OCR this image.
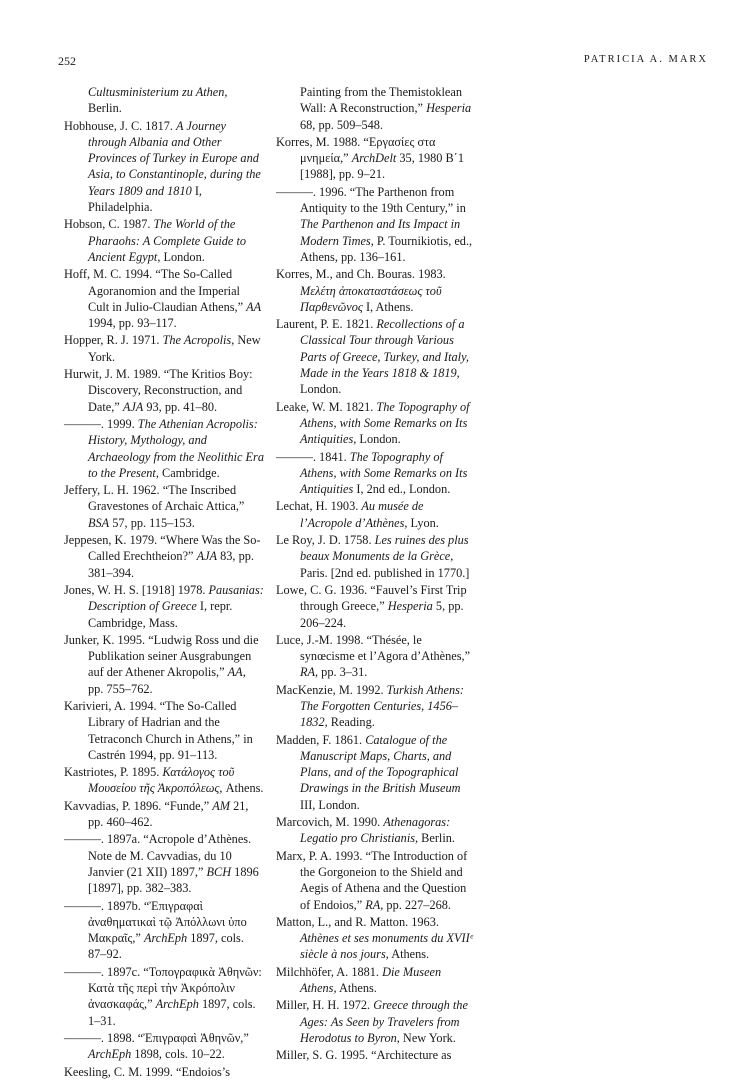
252	PATRICIA A. MARX

Cultusministerium zu Athen, Berlin.

Hobhouse, J. C. 1817. A Journey through Albania and Other Provinces of Turkey in Europe and Asia, to Constantinople, during the Years 1809 and 1810 I, Philadelphia.

Hobson, C. 1987. The World of the Pharaohs: A Complete Guide to Ancient Egypt, London.

Hoff, M. C. 1994. “The So-Called Agoranomion and the Imperial Cult in Julio-Claudian Athens,” AA 1994, pp. 93–117.

Hopper, R. J. 1971. The Acropolis, New York.

Hurwit, J. M. 1989. “The Kritios Boy: Discovery, Reconstruction, and Date,” AJA 93, pp. 41–80.

———. 1999. The Athenian Acropolis: History, Mythology, and Archaeology from the Neolithic Era to the Present, Cambridge.

Jeffery, L. H. 1962. “The Inscribed Gravestones of Archaic Attica,” BSA 57, pp. 115–153.

Jeppesen, K. 1979. “Where Was the So-Called Erechtheion?” AJA 83, pp. 381–394.

Jones, W. H. S. [1918] 1978. Pausanias: Description of Greece I, repr. Cambridge, Mass.

Junker, K. 1995. “Ludwig Ross und die Publikation seiner Ausgrabungen auf der Athener Akropolis,” AA, pp. 755–762.

Karivieri, A. 1994. “The So-Called Library of Hadrian and the Tetraconch Church in Athens,” in Castrén 1994, pp. 91–113.

Kastriotes, P. 1895. Κατάλογος τοῦ Μουσείου τῆς Ἀκροπόλεως, Athens.

Kavvadias, P. 1896. “Funde,” AM 21, pp. 460–462.

———. 1897a. “Acropole d’Athènes. Note de M. Cavvadias, du 10 Janvier (21 XII) 1897,” BCH 1896 [1897], pp. 382–383.

———. 1897b. “Ἐπιγραφαὶ ἀναθηματικαὶ τῷ Ἀπόλλωνι ὑπο Μακραῖς,” ArchEph 1897, cols. 87–92.

———. 1897c. “Τοπογραφικὰ Ἀθηνῶν: Κατὰ τῆς περὶ τὴν Ἀκρόπολιν ἀνασκαφάς,” ArchEph 1897, cols. 1–31.

———. 1898. “Ἐπιγραφαὶ Ἀθηνῶν,” ArchEph 1898, cols. 10–22.

Keesling, C. M. 1999. “Endoios’s

Painting from the Themistoklean Wall: A Reconstruction,” Hesperia 68, pp. 509–548.

Korres, M. 1988. “Εργασίες στα μνημεία,” ArchDelt 35, 1980 B΄1 [1988], pp. 9–21.

———. 1996. “The Parthenon from Antiquity to the 19th Century,” in The Parthenon and Its Impact in Modern Times, P. Tournikiotis, ed., Athens, pp. 136–161.

Korres, M., and Ch. Bouras. 1983. Μελέτη ἀποκαταστάσεως τοῦ Παρθενῶνος I, Athens.

Laurent, P. E. 1821. Recollections of a Classical Tour through Various Parts of Greece, Turkey, and Italy, Made in the Years 1818 & 1819, London.

Leake, W. M. 1821. The Topography of Athens, with Some Remarks on Its Antiquities, London.

———. 1841. The Topography of Athens, with Some Remarks on Its Antiquities I, 2nd ed., London.

Lechat, H. 1903. Au musée de l’Acropole d’Athènes, Lyon.

Le Roy, J. D. 1758. Les ruines des plus beaux Monuments de la Grèce, Paris. [2nd ed. published in 1770.]

Lowe, C. G. 1936. “Fauvel’s First Trip through Greece,” Hesperia 5, pp. 206–224.

Luce, J.-M. 1998. “Thésée, le synœcisme et l’Agora d’Athènes,” RA, pp. 3–31.

MacKenzie, M. 1992. Turkish Athens: The Forgotten Centuries, 1456–1832, Reading.

Madden, F. 1861. Catalogue of the Manuscript Maps, Charts, and Plans, and of the Topographical Drawings in the British Museum III, London.

Marcovich, M. 1990. Athenagoras: Legatio pro Christianis, Berlin.

Marx, P. A. 1993. “The Introduction of the Gorgoneion to the Shield and Aegis of Athena and the Question of Endoios,” RA, pp. 227–268.

Matton, L., and R. Matton. 1963. Athènes et ses monuments du XVIIᵉ siècle à nos jours, Athens.

Milchhöfer, A. 1881. Die Museen Athens, Athens.

Miller, H. H. 1972. Greece through the Ages: As Seen by Travelers from Herodotus to Byron, New York.

Miller, S. G. 1995. “Architecture as
